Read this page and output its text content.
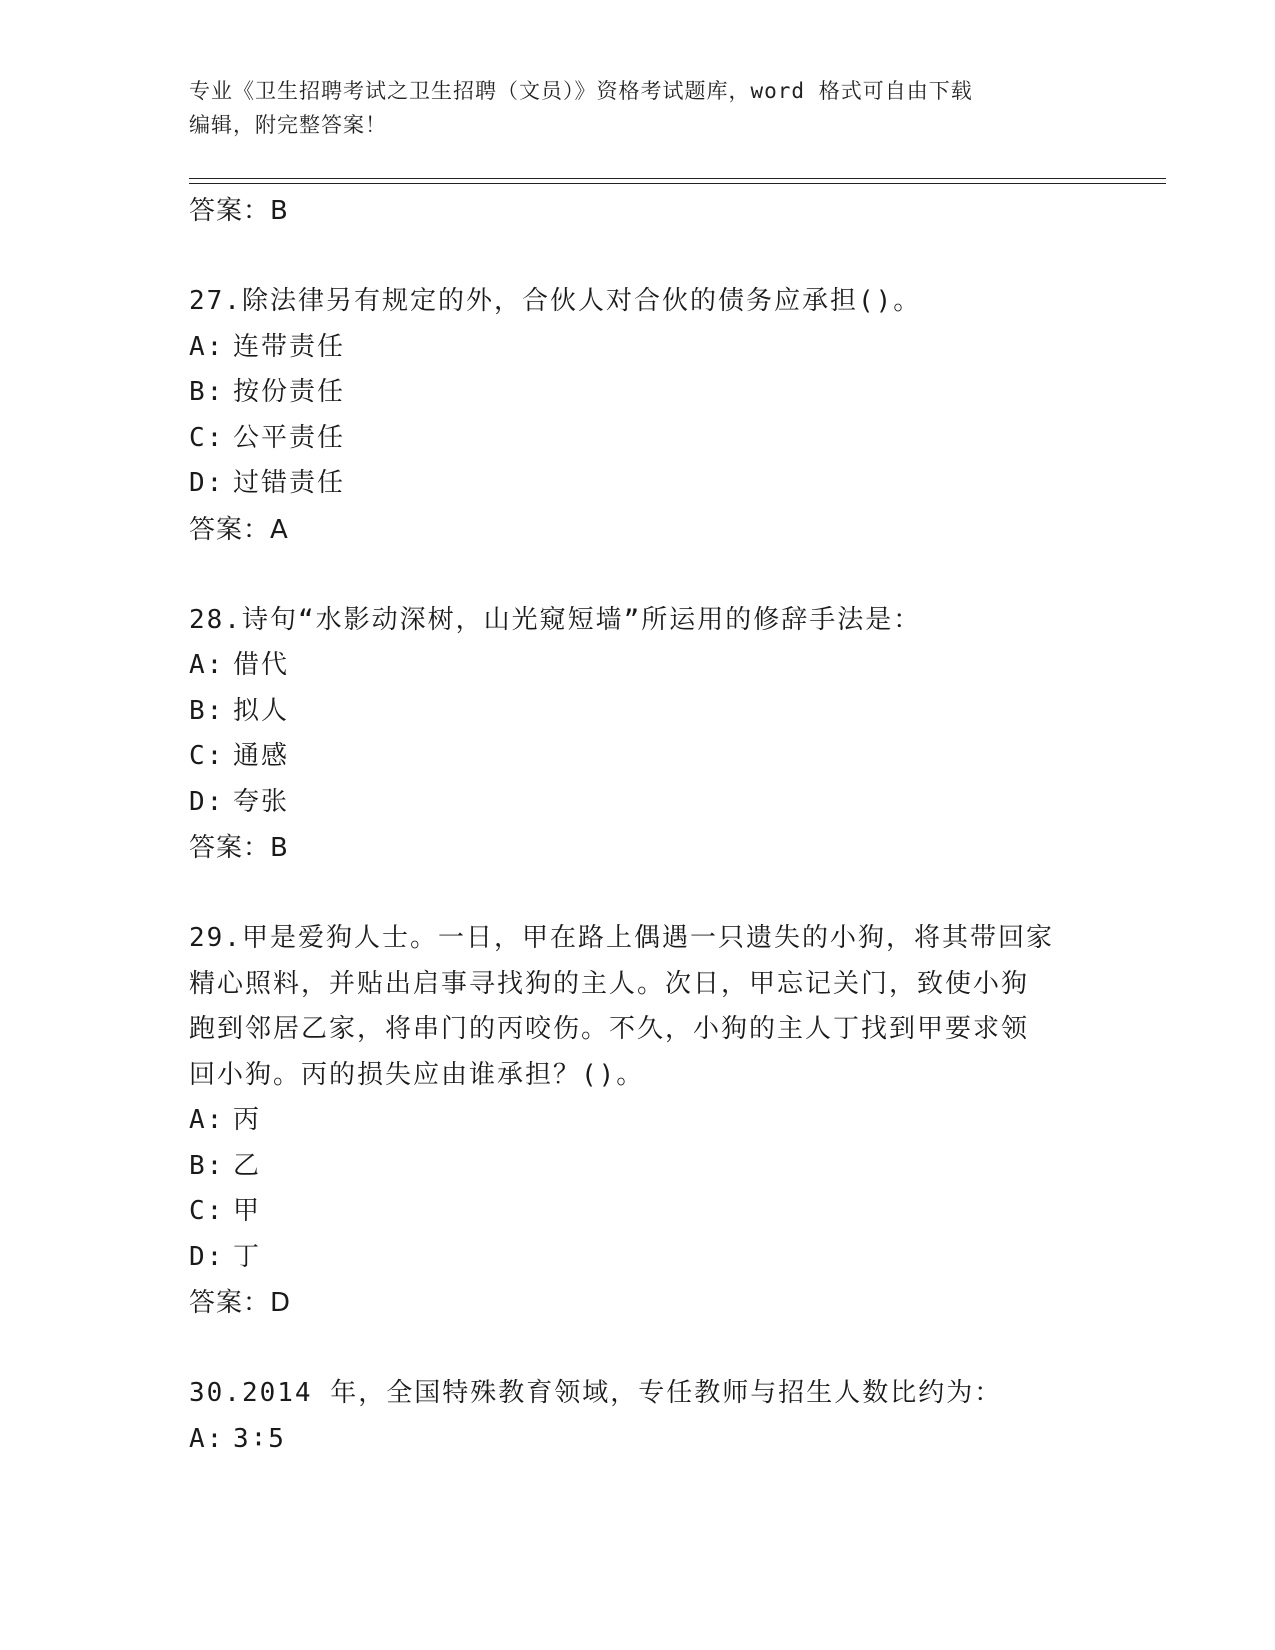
专业《卫生招聘考试之卫生招聘（文员）》资格考试题库，word 格式可自由下载
编辑，附完整答案！
答案：B
27.除法律另有规定的外，合伙人对合伙的债务应承担()。
A: 连带责任
B: 按份责任
C: 公平责任
D: 过错责任
答案：A
28.诗句“水影动深树，山光窥短墙”所运用的修辞手法是：
A: 借代
B: 拟人
C: 通感
D: 夸张
答案：B
29.甲是爱狗人士。一日，甲在路上偶遇一只遗失的小狗，将其带回家
精心照料，并贴出启事寻找狗的主人。次日，甲忘记关门，致使小狗
跑到邻居乙家，将串门的丙咬伤。不久，小狗的主人丁找到甲要求领
回小狗。丙的损失应由谁承担？()。
A: 丙
B: 乙
C: 甲
D: 丁
答案：D
30.2014 年，全国特殊教育领域，专任教师与招生人数比约为：
A: 3∶5
